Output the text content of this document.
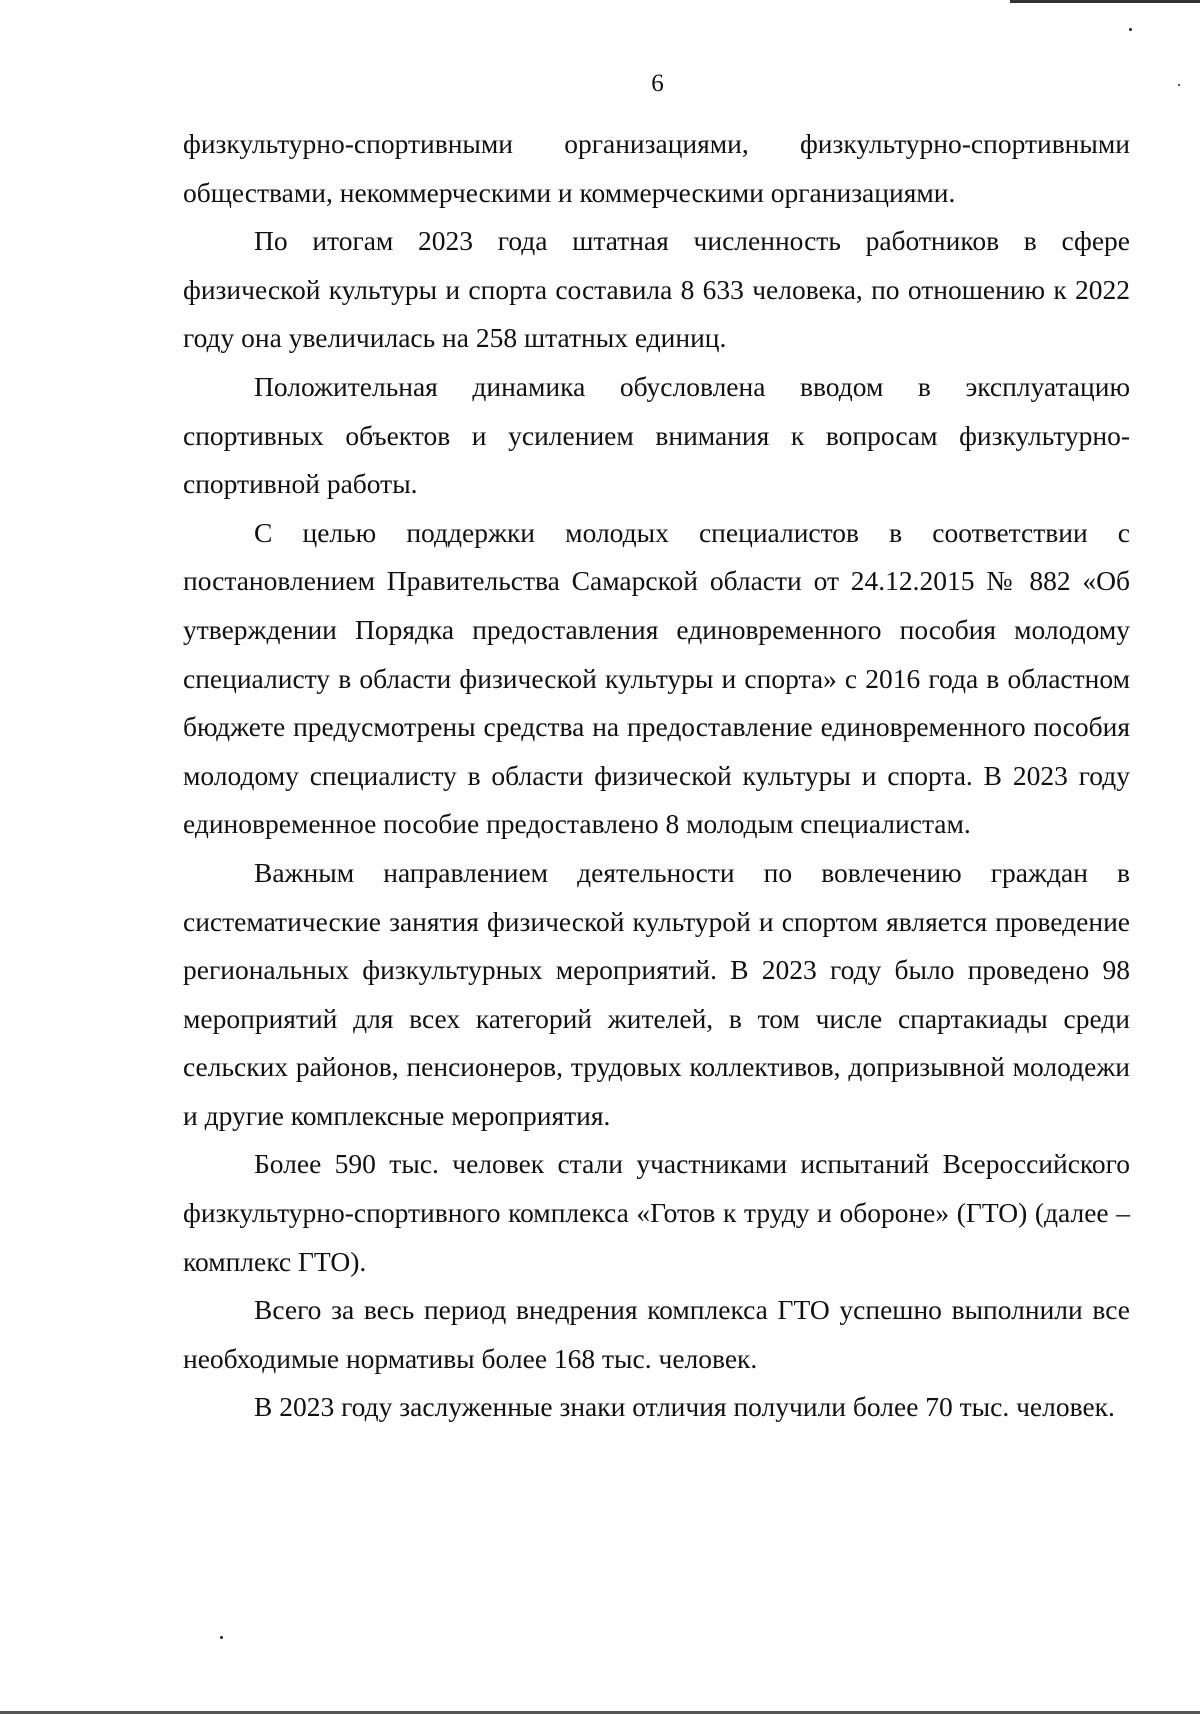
6

физкультурно-спортивными организациями, физкультурно-спортивными обществами, некоммерческими и коммерческими организациями.

По итогам 2023 года штатная численность работников в сфере физической культуры и спорта составила 8 633 человека, по отношению к 2022 году она увеличилась на 258 штатных единиц.

Положительная динамика обусловлена вводом в эксплуатацию спортивных объектов и усилением внимания к вопросам физкультурно-спортивной работы.

С целью поддержки молодых специалистов в соответствии с постановлением Правительства Самарской области от 24.12.2015 № 882 «Об утверждении Порядка предоставления единовременного пособия молодому специалисту в области физической культуры и спорта» с 2016 года в областном бюджете предусмотрены средства на предоставление единовременного пособия молодому специалисту в области физической культуры и спорта. В 2023 году единовременное пособие предоставлено 8 молодым специалистам.

Важным направлением деятельности по вовлечению граждан в систематические занятия физической культурой и спортом является проведение региональных физкультурных мероприятий. В 2023 году было проведено 98 мероприятий для всех категорий жителей, в том числе спартакиады среди сельских районов, пенсионеров, трудовых коллективов, допризывной молодежи и другие комплексные мероприятия.

Более 590 тыс. человек стали участниками испытаний Всероссийского физкультурно-спортивного комплекса «Готов к труду и обороне» (ГТО) (далее – комплекс ГТО).

Всего за весь период внедрения комплекса ГТО успешно выполнили все необходимые нормативы более 168 тыс. человек.

В 2023 году заслуженные знаки отличия получили более 70 тыс. человек.
